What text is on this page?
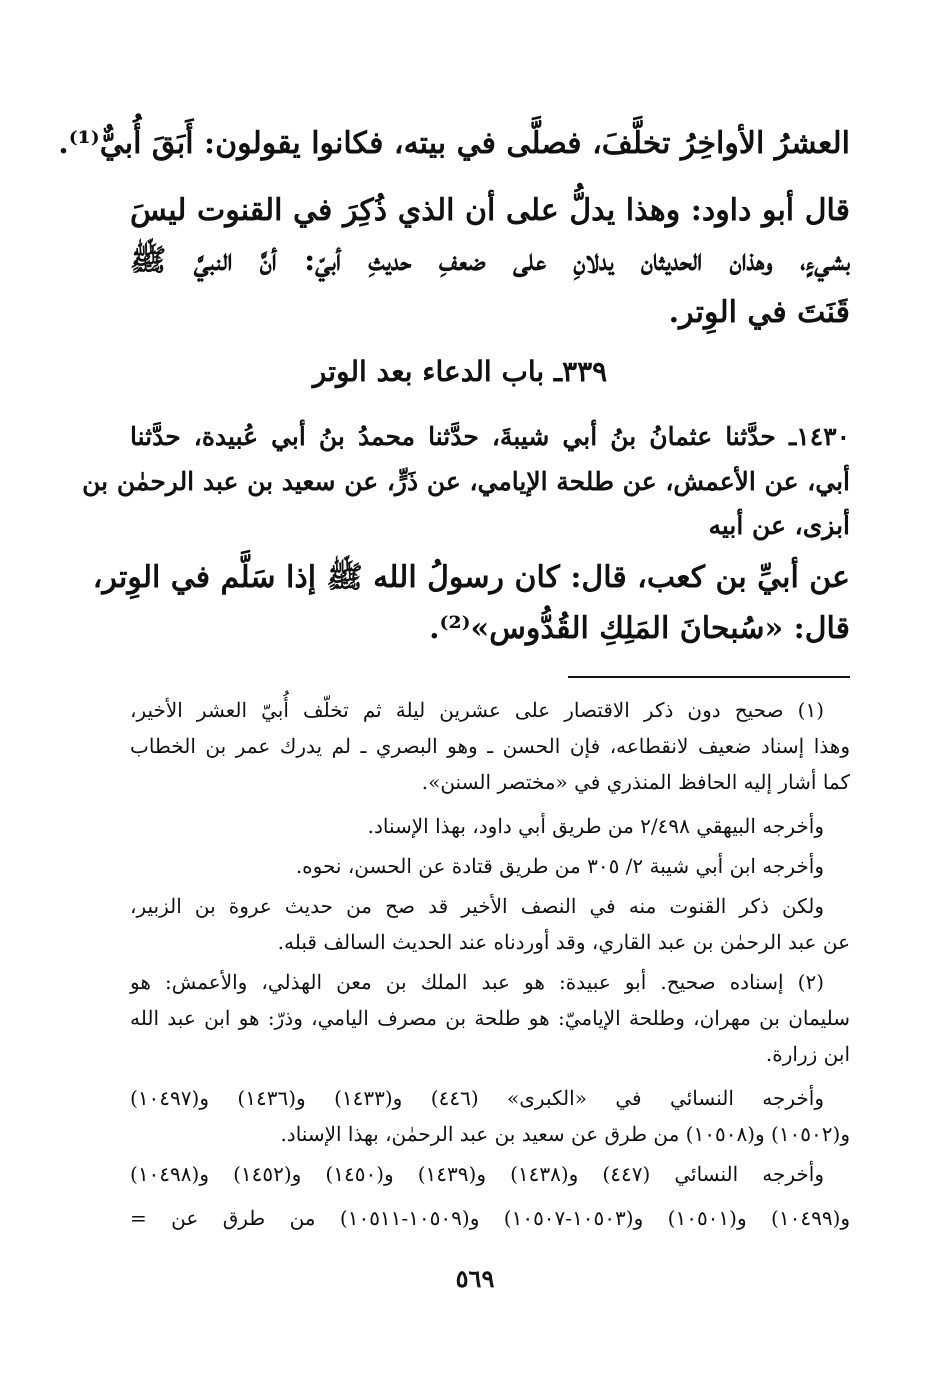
العشرُ الأواخِرُ تخلَّفَ، فصلَّى في بيته، فكانوا يقولون: أَبَقَ أُبيٌّ⁽¹⁾.
قال أبو داود: وهذا يدلُّ على أن الذي ذُكِرَ في القنوت ليسَ
بشيءٍ، وهذان الحديثان يدلانِ على ضعفِ حديثِ أبيّ: أنَّ النبيَّ ﷺ
قَنَتَ في الوِتر.
٣٣٩ـ باب الدعاء بعد الوتر
١٤٣٠ـ حدَّثنا عثمانُ بنُ أبي شيبةَ، حدَّثنا محمدُ بنُ أبي عُبيدة، حدَّثنا
أبي، عن الأعمش، عن طلحة الإيامي، عن ذَرٍّ، عن سعيد بن عبد الرحمٰن بن
أبزى، عن أبيه
عن أبيِّ بن كعب، قال: كان رسولُ الله ﷺ إذا سَلَّم في الوِتر،
قال: «سُبحانَ المَلِكِ القُدُّوس»⁽²⁾.
(١) صحيح دون ذكر الاقتصار على عشرين ليلة ثم تخلّف أُبيّ العشر الأخير،
وهذا إسناد ضعيف لانقطاعه، فإن الحسن ـ وهو البصري ـ لم يدرك عمر بن الخطاب
كما أشار إليه الحافظ المنذري في «مختصر السنن».
وأخرجه البيهقي ٢/٤٩٨ من طريق أبي داود، بهذا الإسناد.
وأخرجه ابن أبي شيبة ٢/ ٣٠٥ من طريق قتادة عن الحسن، نحوه.
ولكن ذكر القنوت منه في النصف الأخير قد صح من حديث عروة بن الزبير،
عن عبد الرحمٰن بن عبد القاري، وقد أوردناه عند الحديث السالف قبله.
(٢) إسناده صحيح. أبو عبيدة: هو عبد الملك بن معن الهذلي، والأعمش: هو
سليمان بن مهران، وطلحة الإياميّ: هو طلحة بن مصرف اليامي، وذرّ: هو ابن عبد الله
ابن زرارة.
وأخرجه النسائي في «الكبرى» (٤٤٦) و(١٤٣٣) و(١٤٣٦) و(١٠٤٩٧)
و(١٠٥٠٢) و(١٠٥٠٨) من طرق عن سعيد بن عبد الرحمٰن، بهذا الإسناد.
وأخرجه النسائي (٤٤٧) و(١٤٣٨) و(١٤٣٩) و(١٤٥٠) و(١٤٥٢) و(١٠٤٩٨)
و(١٠٤٩٩) و(١٠٥٠١) و(١٠٥٠٣-١٠٥٠٧) و(١٠٥٠٩-١٠٥١١) من طرق عن =
٥٦٩
